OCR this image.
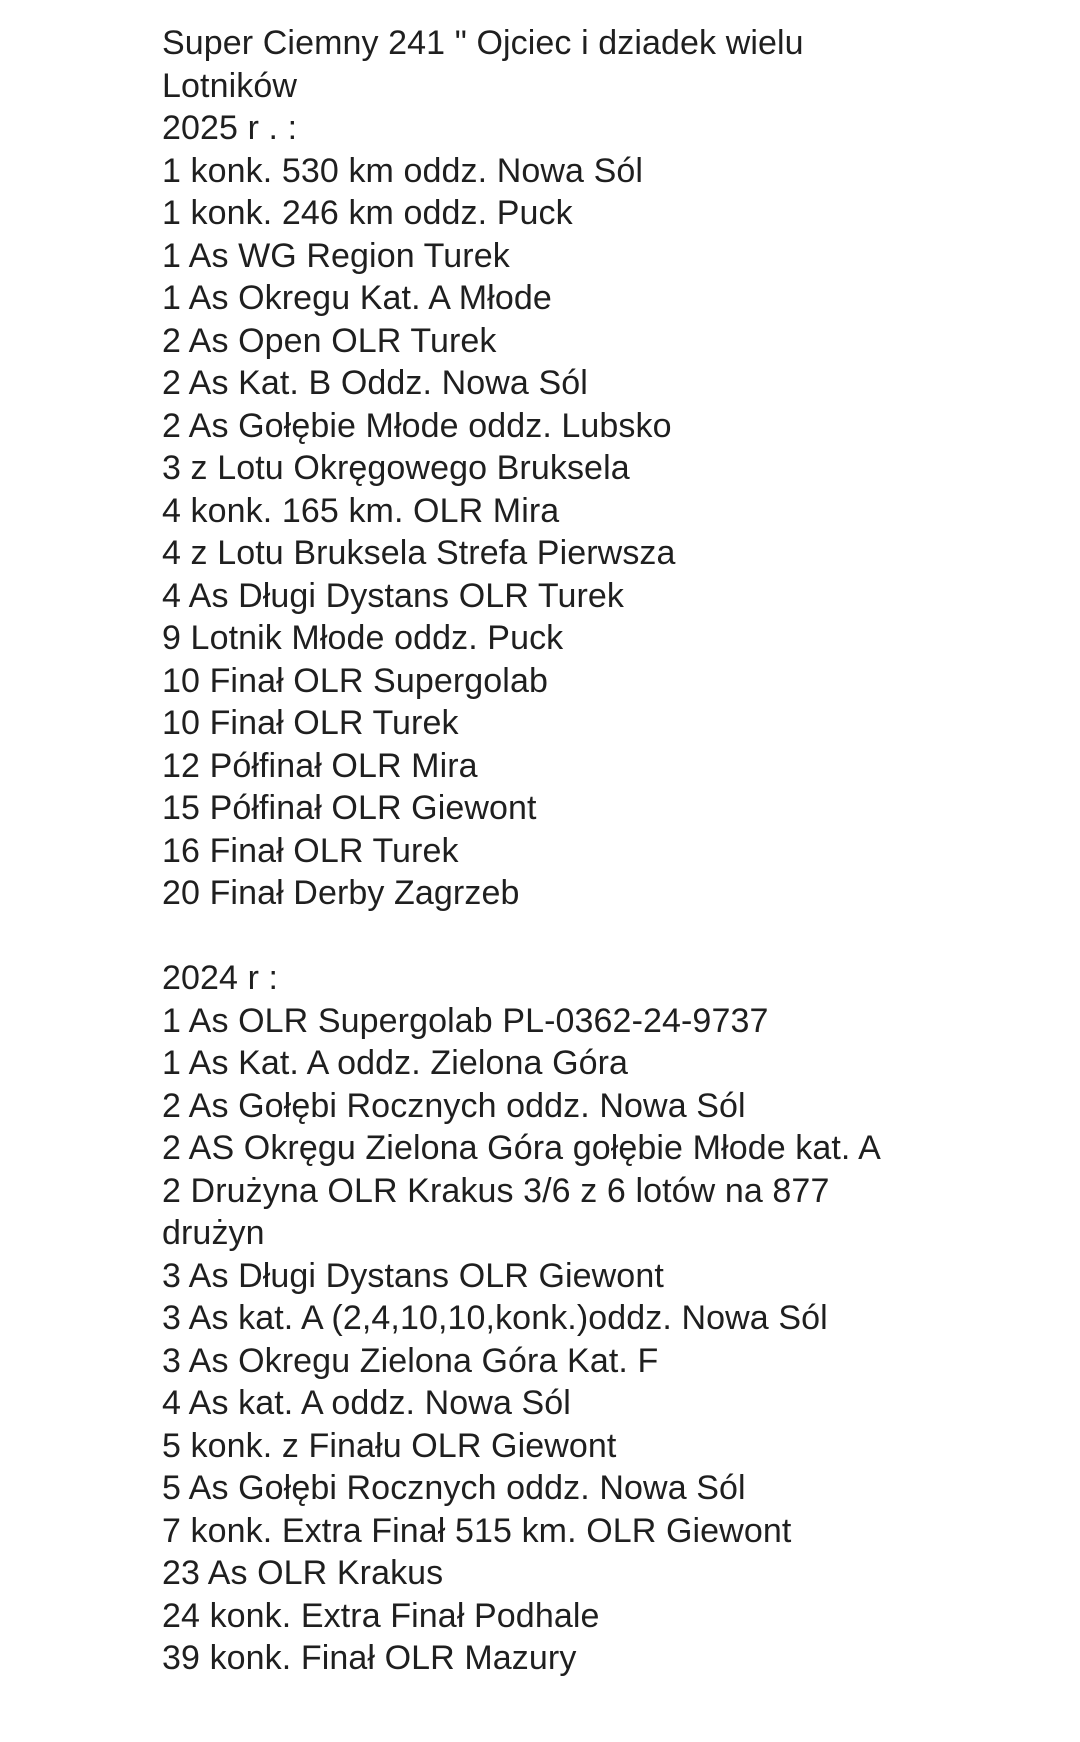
Super Ciemny 241 " Ojciec i dziadek wielu
Lotników
2025 r . :
1 konk. 530 km oddz. Nowa Sól
1 konk. 246 km oddz. Puck
1 As WG Region Turek
1 As Okregu Kat. A Młode
2 As Open OLR Turek
2 As Kat. B Oddz. Nowa Sól
2 As Gołębie Młode oddz. Lubsko
3 z Lotu Okręgowego Bruksela
4 konk. 165 km. OLR Mira
4 z Lotu Bruksela Strefa Pierwsza
4 As Długi Dystans OLR Turek
9 Lotnik Młode oddz. Puck
10 Finał OLR Supergolab
10 Finał OLR Turek
12 Półfinał OLR Mira
15 Półfinał OLR Giewont
16 Finał OLR Turek
20 Finał Derby Zagrzeb
2024 r :
1 As OLR Supergolab PL-0362-24-9737
1 As Kat. A oddz. Zielona Góra
2 As Gołębi Rocznych oddz. Nowa Sól
2 AS Okręgu Zielona Góra gołębie Młode kat. A
2 Drużyna OLR Krakus 3/6 z 6 lotów na 877
drużyn
3 As Długi Dystans OLR Giewont
3 As kat. A (2,4,10,10,konk.)oddz. Nowa Sól
3 As Okregu Zielona Góra Kat. F
4 As kat. A oddz. Nowa Sól
5 konk. z Finału OLR Giewont
5 As Gołębi Rocznych oddz. Nowa Sól
7 konk. Extra Finał 515 km. OLR Giewont
23 As OLR Krakus
24 konk. Extra Finał Podhale
39 konk. Finał OLR Mazury
